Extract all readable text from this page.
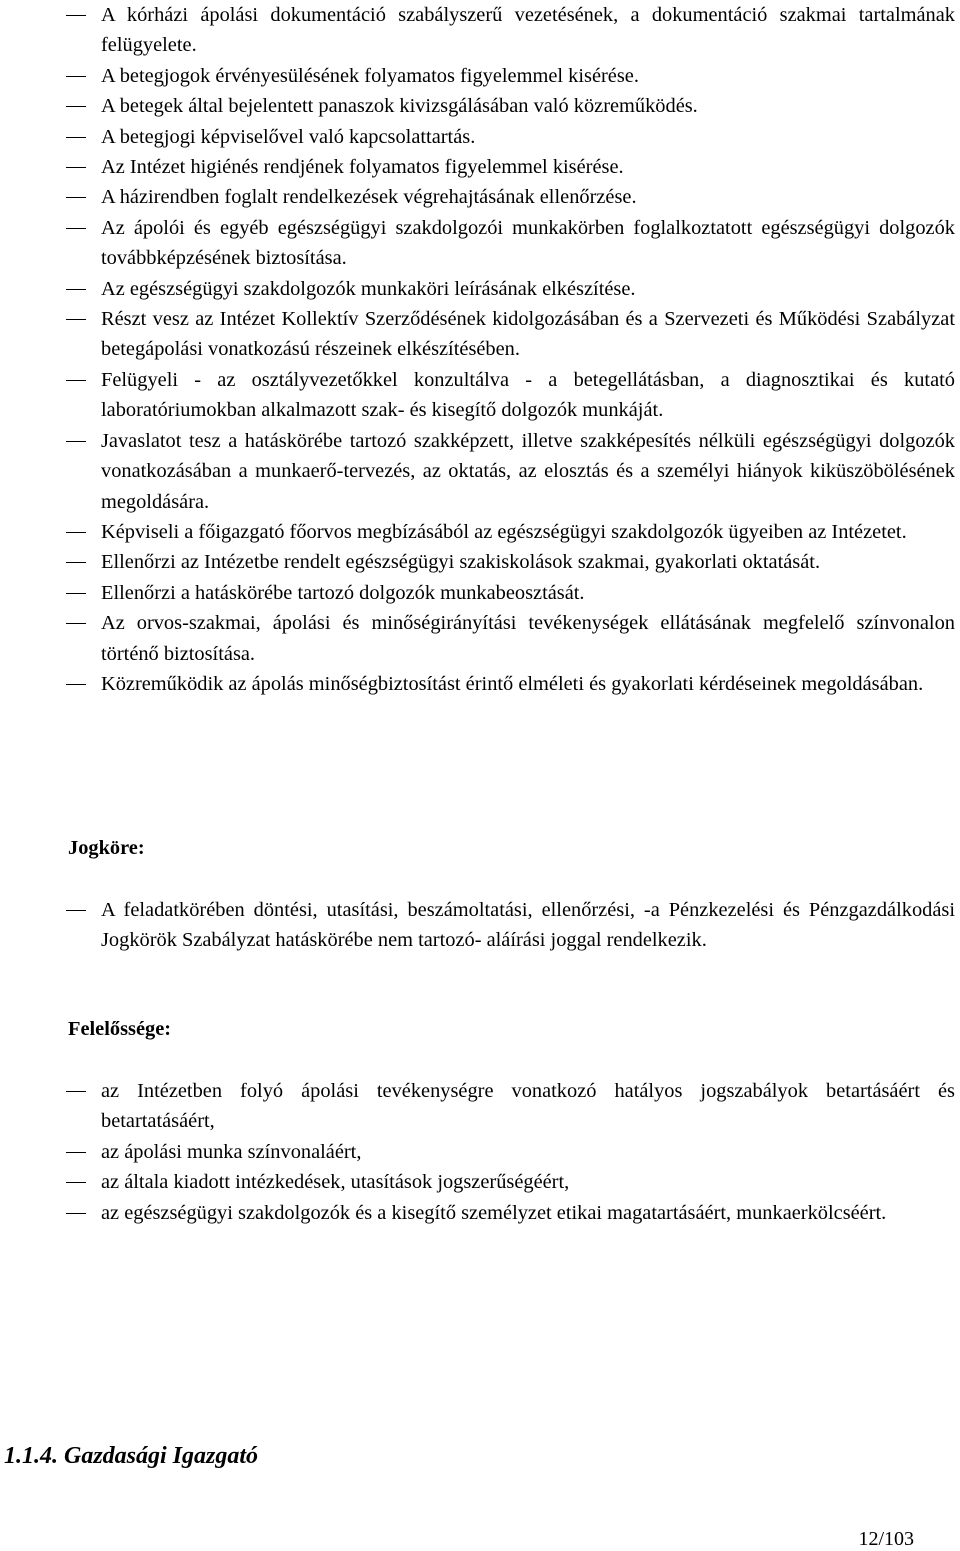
A kórházi ápolási dokumentáció szabályszerű vezetésének, a dokumentáció szakmai tartalmának felügyelete.
A betegjogok érvényesülésének folyamatos figyelemmel kisérése.
A betegek által bejelentett panaszok kivizsgálásában való közreműködés.
A betegjogi képviselővel való kapcsolattartás.
Az Intézet higiénés rendjének folyamatos figyelemmel kisérése.
A házirendben foglalt rendelkezések végrehajtásának ellenőrzése.
Az ápolói és egyéb egészségügyi szakdolgozói munkakörben foglalkoztatott egészségügyi dolgozók továbbképzésének biztosítása.
Az egészségügyi szakdolgozók munkaköri leírásának elkészítése.
Részt vesz az Intézet Kollektív Szerződésének kidolgozásában és a Szervezeti és Működési Szabályzat betegápolási vonatkozású részeinek elkészítésében.
Felügyeli - az osztályvezetőkkel konzultálva - a betegellátásban, a diagnosztikai és kutató laboratóriumokban alkalmazott szak- és kisegítő dolgozók munkáját.
Javaslatot tesz a hatáskörébe tartozó szakképzett, illetve szakképesítés nélküli egészségügyi dolgozók vonatkozásában a munkaerő-tervezés, az oktatás, az elosztás és a személyi hiányok kiküszöbölésének megoldására.
Képviseli a főigazgató főorvos megbízásából az egészségügyi szakdolgozók ügyeiben az Intézetet.
Ellenőrzi az Intézetbe rendelt egészségügyi szakiskolások szakmai, gyakorlati oktatását.
Ellenőrzi a hatáskörébe tartozó dolgozók munkabeosztását.
Az orvos-szakmai, ápolási és minőségirányítási tevékenységek ellátásának megfelelő színvonalon történő biztosítása.
Közreműködik az ápolás minőségbiztosítást érintő elméleti és gyakorlati kérdéseinek megoldásában.
Jogköre:
A feladatkörében döntési, utasítási, beszámoltatási, ellenőrzési, -a Pénzkezelési és Pénzgazdálkodási Jogkörök Szabályzat hatáskörébe nem tartozó- aláírási joggal rendelkezik.
Felelőssége:
az Intézetben folyó ápolási tevékenységre vonatkozó hatályos jogszabályok betartásáért és betartatásáért,
az ápolási munka színvonaláért,
az általa kiadott intézkedések, utasítások jogszerűségéért,
az egészségügyi szakdolgozók és a kisegítő személyzet etikai magatartásáért, munkaerkölcséért.
1.1.4. Gazdasági Igazgató
12/103
